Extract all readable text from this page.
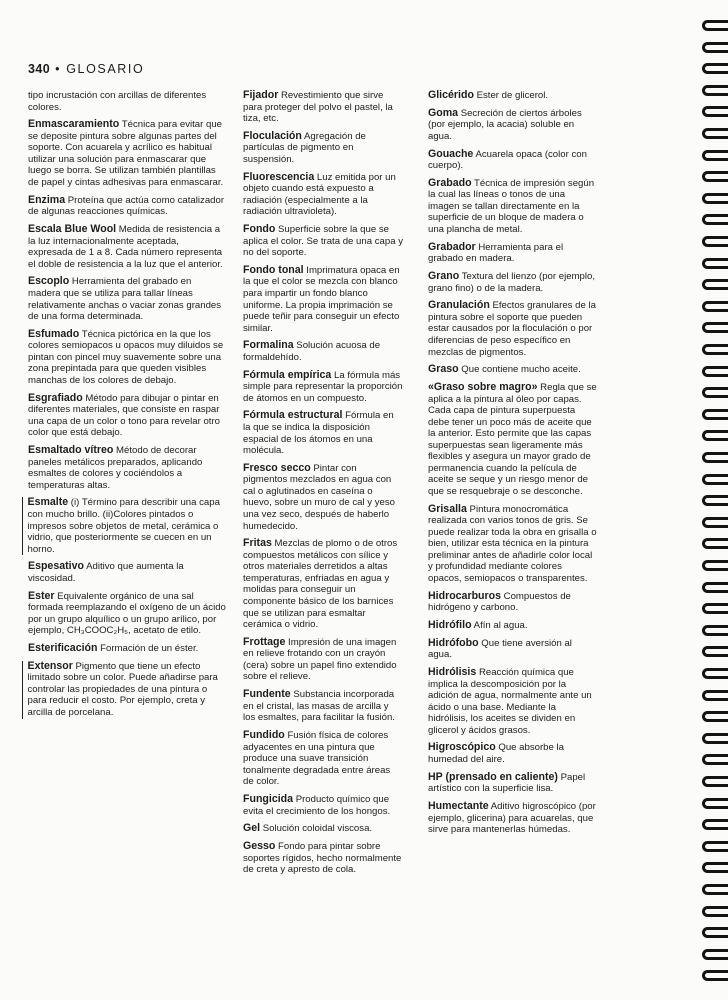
340 • GLOSARIO
tipo incrustación con arcillas de diferentes colores.
Enmascaramiento Técnica para evitar que se deposite pintura sobre algunas partes del soporte. Con acuarela y acrílico es habitual utilizar una solución para enmascarar que luego se borra. Se utilizan también plantillas de papel y cintas adhesivas para enmascarar.
Enzima Proteína que actúa como catalizador de algunas reacciones químicas.
Escala Blue Wool Medida de resistencia a la luz internacionalmente aceptada, expresada de 1 a 8. Cada número representa el doble de resistencia a la luz que el anterior.
Escoplo Herramienta del grabado en madera que se utiliza para tallar líneas relativamente anchas o vaciar zonas grandes de una forma determinada.
Esfumado Técnica pictórica en la que los colores semiopacos u opacos muy diluidos se pintan con pincel muy suavemente sobre una zona prepintada para que queden visibles manchas de los colores de debajo.
Esgrafiado Método para dibujar o pintar en diferentes materiales, que consiste en raspar una capa de un color o tono para revelar otro color que está debajo.
Esmaltado vítreo Método de decorar paneles metálicos preparados, aplicando esmaltes de colores y cociéndolos a temperaturas altas.
Esmalte (i) Término para describir una capa con mucho brillo. (ii)Colores pintados o impresos sobre objetos de metal, cerámica o vidrio, que posteriormente se cuecen en un horno.
Espesativo Aditivo que aumenta la viscosidad.
Ester Equivalente orgánico de una sal formada reemplazando el oxígeno de un ácido por un grupo alquílico o un grupo arílico, por ejemplo, CH₃COOC₂H₅, acetato de etilo.
Esterificación Formación de un éster.
Extensor Pigmento que tiene un efecto limitado sobre un color. Puede añadirse para controlar las propiedades de una pintura o para reducir el costo. Por ejemplo, creta y arcilla de porcelana.
Fijador Revestimiento que sirve para proteger del polvo el pastel, la tiza, etc.
Floculación Agregación de partículas de pigmento en suspensión.
Fluorescencia Luz emitida por un objeto cuando está expuesto a radiación (especialmente a la radiación ultravioleta).
Fondo Superficie sobre la que se aplica el color. Se trata de una capa y no del soporte.
Fondo tonal Imprimatura opaca en la que el color se mezcla con blanco para impartir un fondo blanco uniforme. La propia imprimación se puede teñir para conseguir un efecto similar.
Formalina Solución acuosa de formaldehído.
Fórmula empírica La fórmula más simple para representar la proporción de átomos en un compuesto.
Fórmula estructural Fórmula en la que se indica la disposición espacial de los átomos en una molécula.
Fresco secco Pintar con pigmentos mezclados en agua con cal o aglutinados en caseína o huevo, sobre un muro de cal y yeso una vez seco, después de haberlo humedecido.
Fritas Mezclas de plomo o de otros compuestos metálicos con sílice y otros materiales derretidos a altas temperaturas, enfriadas en agua y molidas para conseguir un componente básico de los barnices que se utilizan para esmaltar cerámica o vidrio.
Frottage Impresión de una imagen en relieve frotando con un crayón (cera) sobre un papel fino extendido sobre el relieve.
Fundente Substancia incorporada en el cristal, las masas de arcilla y los esmaltes, para facilitar la fusión.
Fundido Fusión física de colores adyacentes en una pintura que produce una suave transición tonalmente degradada entre áreas de color.
Fungicida Producto químico que evita el crecimiento de los hongos.
Gel Solución coloidal viscosa.
Gesso Fondo para pintar sobre soportes rígidos, hecho normalmente de creta y apresto de cola.
Glicérido Ester de glicerol.
Goma Secreción de ciertos árboles (por ejemplo, la acacia) soluble en agua.
Gouache Acuarela opaca (color con cuerpo).
Grabado Técnica de impresión según la cual las líneas o tonos de una imagen se tallan directamente en la superficie de un bloque de madera o una plancha de metal.
Grabador Herramienta para el grabado en madera.
Grano Textura del lienzo (por ejemplo, grano fino) o de la madera.
Granulación Efectos granulares de la pintura sobre el soporte que pueden estar causados por la floculación o por diferencias de peso específico en mezclas de pigmentos.
Graso Que contiene mucho aceite.
«Graso sobre magro» Regla que se aplica a la pintura al óleo por capas. Cada capa de pintura superpuesta debe tener un poco más de aceite que la anterior. Esto permite que las capas superpuestas sean ligeramente más flexibles y asegura un mayor grado de permanencia cuando la película de aceite se seque y un riesgo menor de que se resquebraje o se desconche.
Grisalla Pintura monocromática realizada con varios tonos de gris. Se puede realizar toda la obra en grisalla o bien, utilizar esta técnica en la pintura preliminar antes de añadirle color local y profundidad mediante colores opacos, semiopacos o transparentes.
Hidrocarburos Compuestos de hidrógeno y carbono.
Hidrófilo Afín al agua.
Hidrófobo Que tiene aversión al agua.
Hidrólisis Reacción química que implica la descomposición por la adición de agua, normalmente ante un ácido o una base. Mediante la hidrólisis, los aceites se dividen en glicerol y ácidos grasos.
Higroscópico Que absorbe la humedad del aire.
HP (prensado en caliente) Papel artístico con la superficie lisa.
Humectante Aditivo higroscópico (por ejemplo, glicerina) para acuarelas, que sirve para mantenerlas húmedas.
